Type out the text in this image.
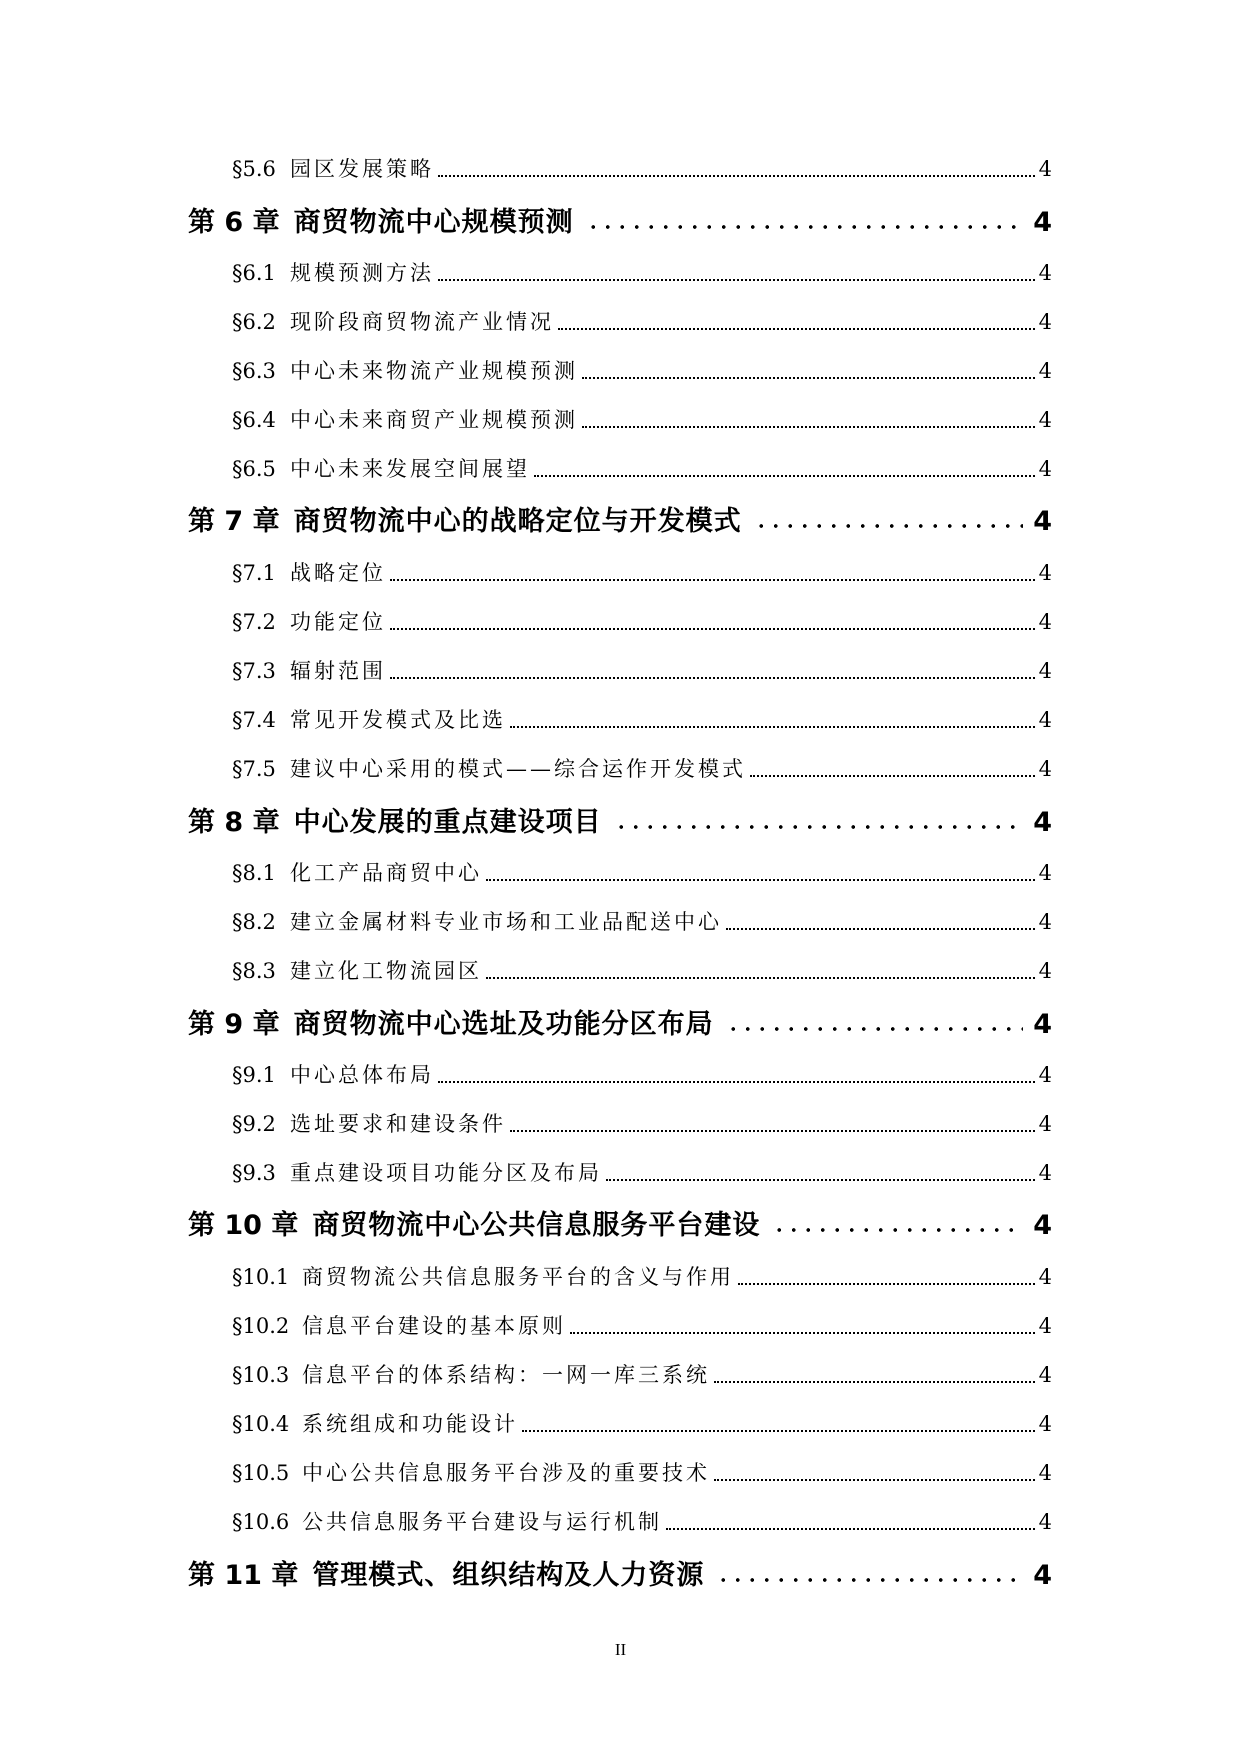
§5.6 园区发展策略	4
第 6 章 商贸物流中心规模预测	4
§6.1 规模预测方法	4
§6.2 现阶段商贸物流产业情况	4
§6.3 中心未来物流产业规模预测	4
§6.4 中心未来商贸产业规模预测	4
§6.5 中心未来发展空间展望	4
第 7 章 商贸物流中心的战略定位与开发模式	4
§7.1 战略定位	4
§7.2 功能定位	4
§7.3 辐射范围	4
§7.4 常见开发模式及比选	4
§7.5 建议中心采用的模式——综合运作开发模式	4
第 8 章 中心发展的重点建设项目	4
§8.1 化工产品商贸中心	4
§8.2 建立金属材料专业市场和工业品配送中心	4
§8.3 建立化工物流园区	4
第 9 章 商贸物流中心选址及功能分区布局	4
§9.1 中心总体布局	4
§9.2 选址要求和建设条件	4
§9.3 重点建设项目功能分区及布局	4
第 10 章 商贸物流中心公共信息服务平台建设	4
§10.1 商贸物流公共信息服务平台的含义与作用	4
§10.2 信息平台建设的基本原则	4
§10.3 信息平台的体系结构：一网一库三系统	4
§10.4 系统组成和功能设计	4
§10.5 中心公共信息服务平台涉及的重要技术	4
§10.6 公共信息服务平台建设与运行机制	4
第 11 章 管理模式、组织结构及人力资源	4
II
